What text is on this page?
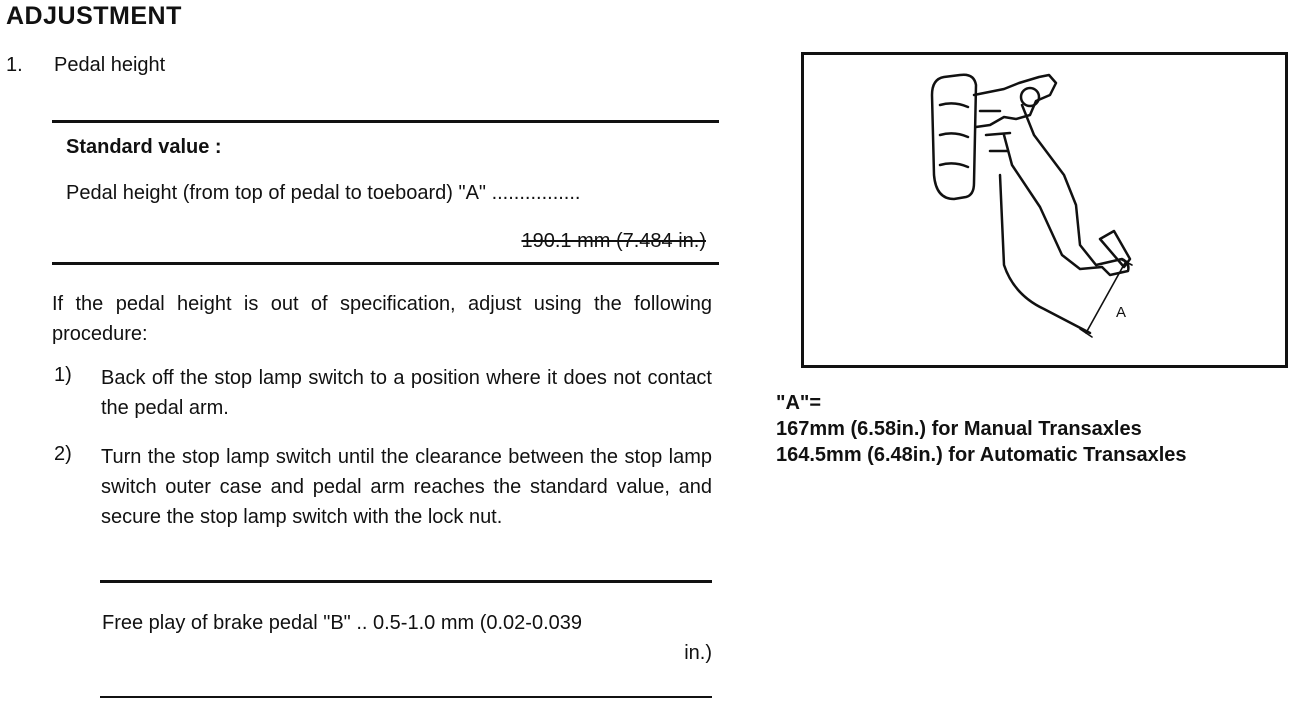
ADJUSTMENT
1. Pedal height
Standard value :
Pedal height (from top of pedal to toeboard) "A" ................
190.1 mm (7.484 in.)
If the pedal height is out of specification, adjust using the following procedure:
1) Back off the stop lamp switch to a position where it does not contact the pedal arm.
2) Turn the stop lamp switch until the clearance between the stop lamp switch outer case and pedal arm reaches the standard value, and secure the stop lamp switch with the lock nut.
Free play of brake pedal "B" .. 0.5-1.0 mm (0.02-0.039
in.)
A
"A"=
167mm (6.58in.) for Manual Transaxles
164.5mm (6.48in.) for Automatic Transaxles
